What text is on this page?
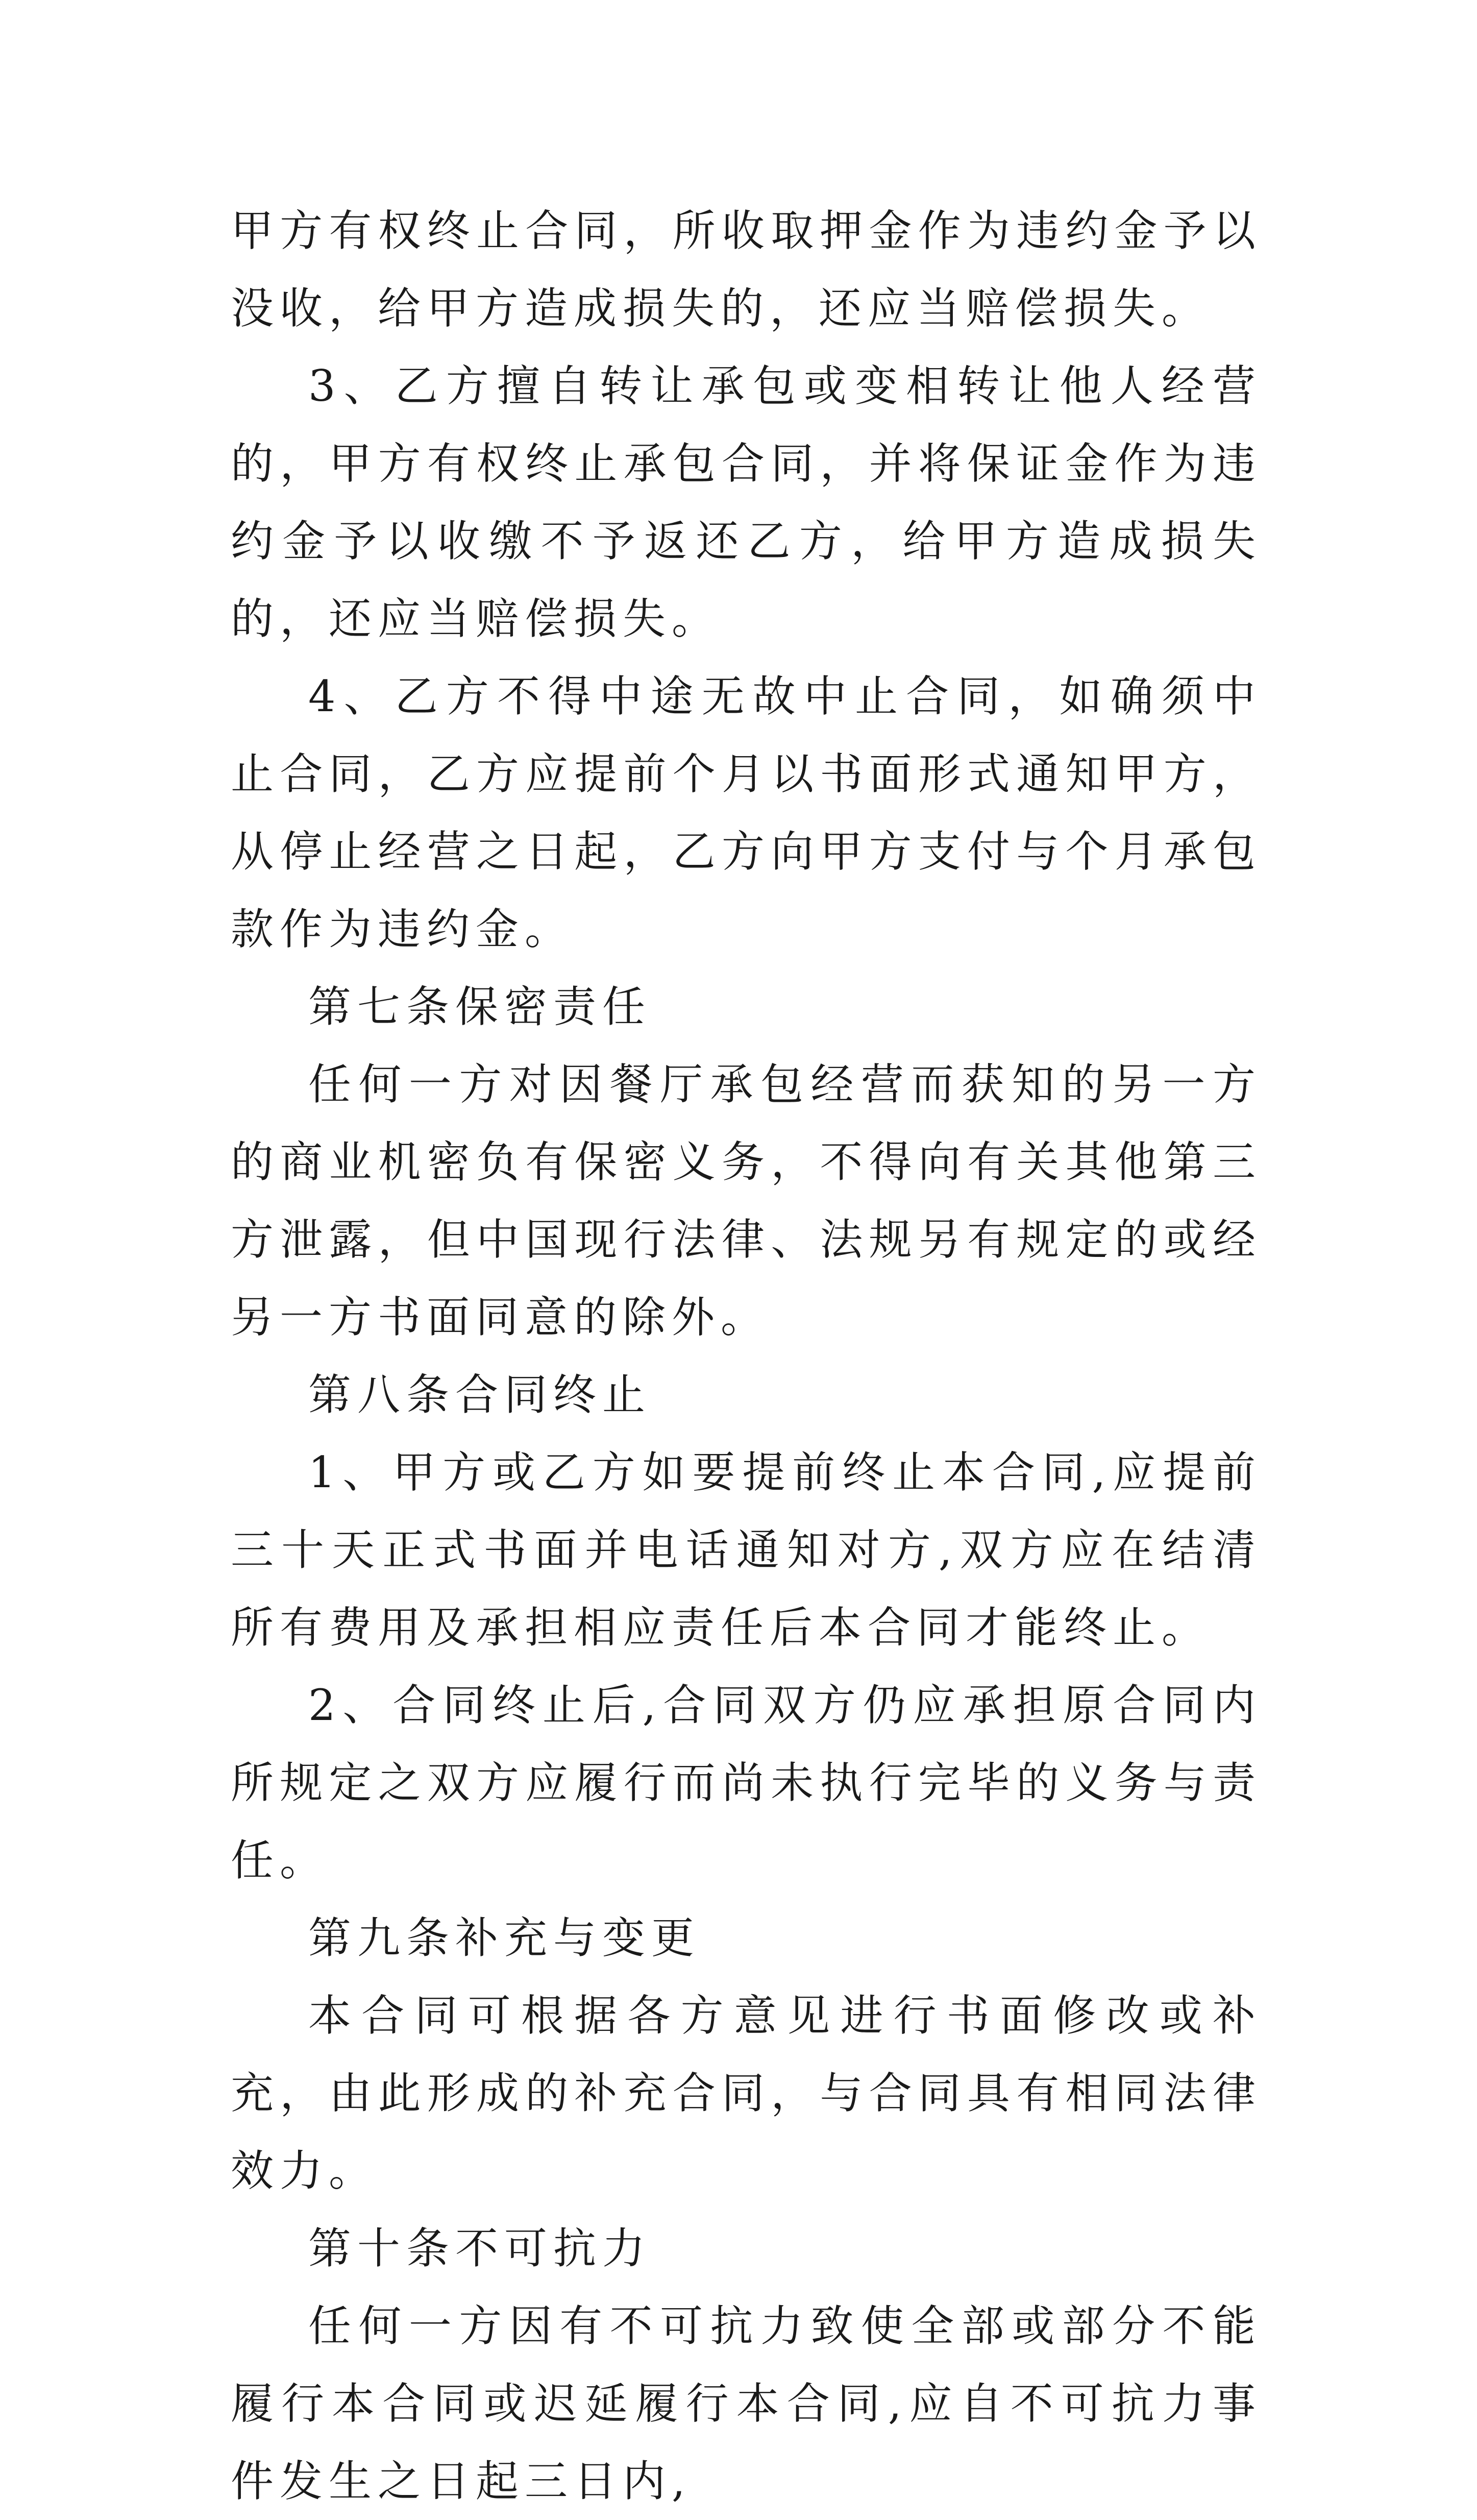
甲方有权终止合同，所收取押金作为违约金予以没收，给甲方造成损失的，还应当赔偿损失。

3、乙方擅自转让承包或变相转让他人经营的，甲方有权终止承包合同，并将保证金作为违约金予以收缴不予返还乙方，给甲方造成损失的，还应当赔偿损失。

4、乙方不得中途无故中止合同，如确须中止合同，乙方应提前个月以书面形式通知甲方，从停止经营之日起，乙方向甲方支付与个月承包款作为违约金。

第七条保密责任

任何一方对因餐厅承包经营而获知的另一方的商业机密负有保密义务，不得向有关其他第三方泄露，但中国现行法律、法规另有规定的或经另一方书面同意的除外。

第八条合同终止

1、甲方或乙方如要提前终止本合同,应提前三十天正式书面并电话通知对方,双方应在结清所有费用及承担相应责任后本合同才能终止。

2、合同终止后,合同双方仍应承担原合同内所规定之双方应履行而尚未执行完毕的义务与责任。

第九条补充与变更

本合同可根据各方意见进行书面修改或补充，由此形成的补充合同，与合同具有相同法律效力。

第十条不可抗力

任何一方因有不可抗力致使全部或部分不能履行本合同或迟延履行本合同,应自不可抗力事件发生之日起三日内,
